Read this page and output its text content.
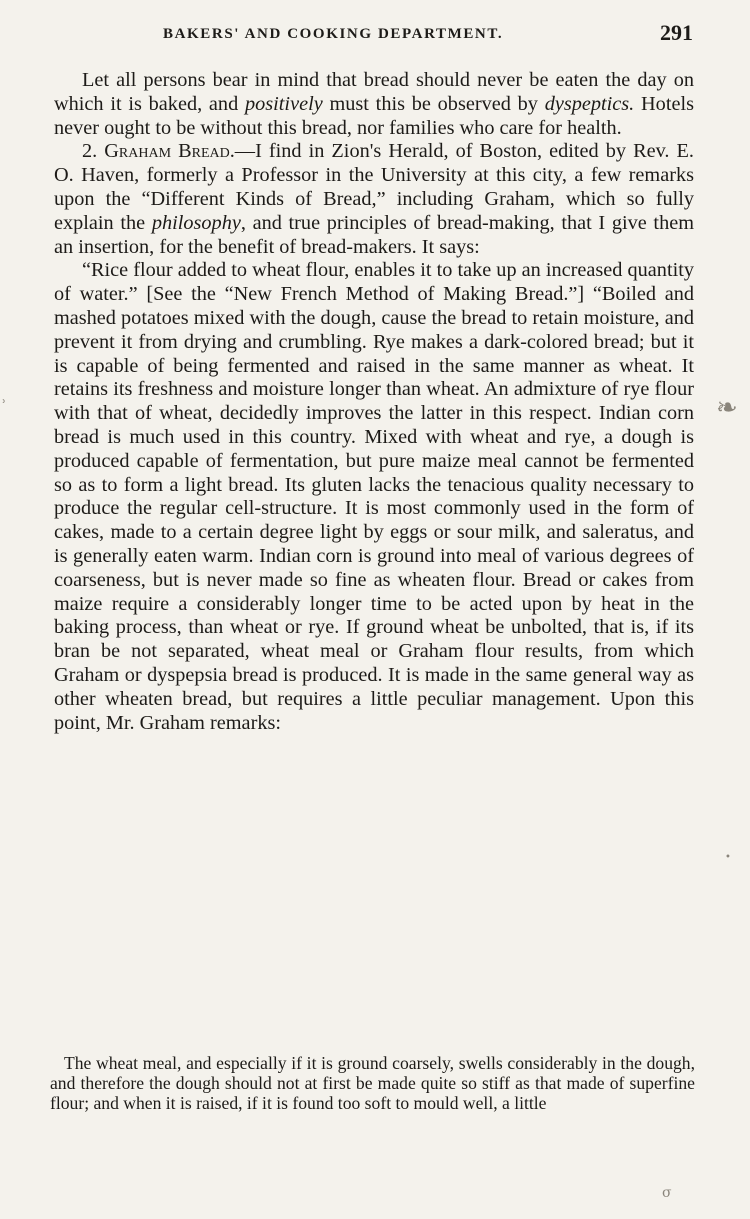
BAKERS' AND COOKING DEPARTMENT.	291

Let all persons bear in mind that bread should never be eaten the day on which it is baked, and positively must this be observed by dyspeptics. Hotels never ought to be without this bread, nor families who care for health.

2. Graham Bread.—I find in Zion's Herald, of Boston, edited by Rev. E. O. Haven, formerly a Professor in the University at this city, a few remarks upon the “Different Kinds of Bread,” including Graham, which so fully explain the philosophy, and true principles of bread-making, that I give them an insertion, for the benefit of bread-makers. It says:

“Rice flour added to wheat flour, enables it to take up an increased quantity of water.” [See the “New French Method of Making Bread.”] “Boiled and mashed potatoes mixed with the dough, cause the bread to retain moisture, and prevent it from drying and crumbling. Rye makes a dark-colored bread; but it is capable of being fermented and raised in the same manner as wheat. It retains its freshness and moisture longer than wheat. An admixture of rye flour with that of wheat, decidedly improves the latter in this respect. Indian corn bread is much used in this country. Mixed with wheat and rye, a dough is produced capable of fermentation, but pure maize meal cannot be fermented so as to form a light bread. Its gluten lacks the tenacious quality necessary to produce the regular cell-structure. It is most commonly used in the form of cakes, made to a certain degree light by eggs or sour milk, and saleratus, and is generally eaten warm. Indian corn is ground into meal of various degrees of coarseness, but is never made so fine as wheaten flour. Bread or cakes from maize require a considerably longer time to be acted upon by heat in the baking process, than wheat or rye. If ground wheat be unbolted, that is, if its bran be not separated, wheat meal or Graham flour results, from which Graham or dyspepsia bread is produced. It is made in the same general way as other wheaten bread, but requires a little peculiar management. Upon this point, Mr. Graham remarks:

The wheat meal, and especially if it is ground coarsely, swells considerably in the dough, and therefore the dough should not at first be made quite so stiff as that made of superfine flour; and when it is raised, if it is found too soft to mould well, a little

❧
ʾ
•
σ
